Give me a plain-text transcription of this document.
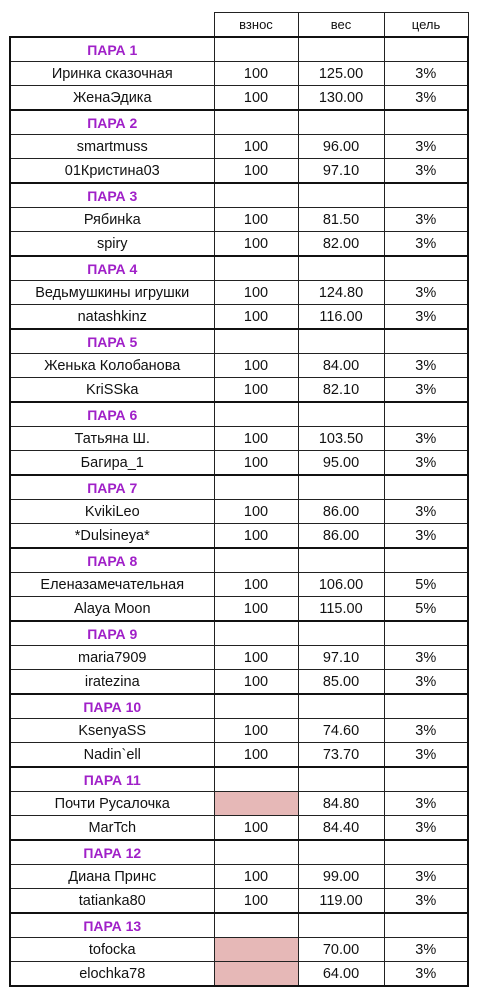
	взнос	вес	цель
ПАРА 1			
Иринка сказочная	100	125.00	3%
ЖенаЭдика	100	130.00	3%
ПАРА 2			
smartmuss	100	96.00	3%
01Кристина03	100	97.10	3%
ПАРА 3			
Рябинka	100	81.50	3%
spiry	100	82.00	3%
ПАРА 4			
Ведьмушкины игрушки	100	124.80	3%
natashkinz	100	116.00	3%
ПАРА 5			
Женька Колобанова	100	84.00	3%
KriSSka	100	82.10	3%
ПАРА 6			
Татьяна Ш.	100	103.50	3%
Багира_1	100	95.00	3%
ПАРА 7			
KvikiLeo	100	86.00	3%
*Dulsineya*	100	86.00	3%
ПАРА 8			
Еленазамечательная	100	106.00	5%
Alaya Moon	100	115.00	5%
ПАРА 9			
maria7909	100	97.10	3%
iratezina	100	85.00	3%
ПАРА 10			
KsenyaSS	100	74.60	3%
Nadin`ell	100	73.70	3%
ПАРА 11			
Почти Русалочка		84.80	3%
MarTch	100	84.40	3%
ПАРА 12			
Диана Принс	100	99.00	3%
tatianka80	100	119.00	3%
ПАРА 13			
tofocka		70.00	3%
elochka78		64.00	3%
